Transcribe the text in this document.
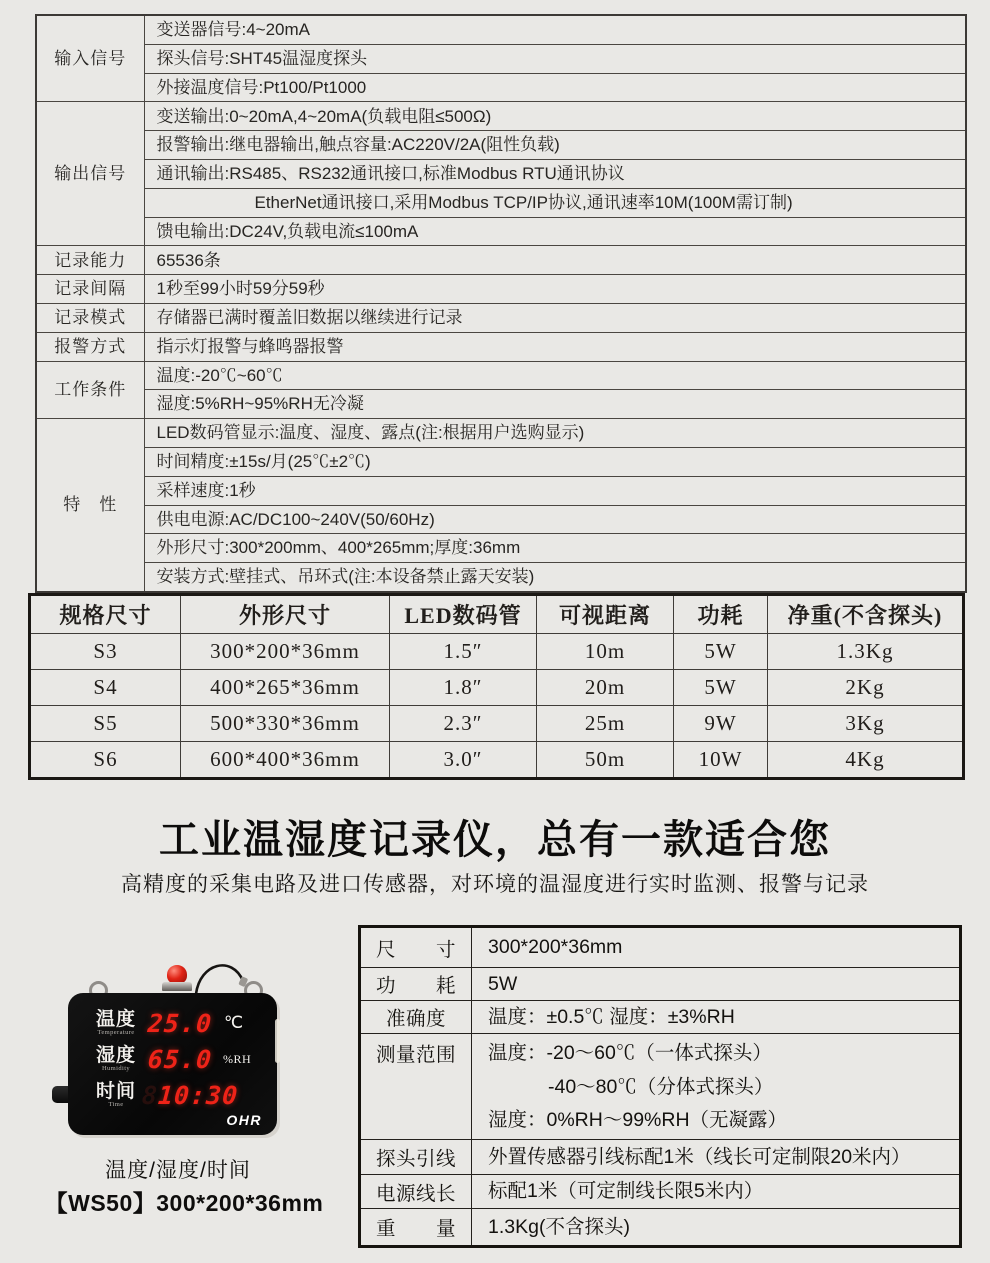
输入信号	变送器信号:4~20mA
	探头信号:SHT45温湿度探头
	外接温度信号:Pt100/Pt1000
输出信号	变送输出:0~20mA,4~20mA(负载电阻≤500Ω)
	报警输出:继电器输出,触点容量:AC220V/2A(阻性负载)
	通讯输出:RS485、RS232通讯接口,标准Modbus RTU通讯协议
	EtherNet通讯接口,采用Modbus TCP/IP协议,通讯速率10M(100M需订制)
	馈电输出:DC24V,负载电流≤100mA
记录能力	65536条
记录间隔	1秒至99小时59分59秒
记录模式	存储器已满时覆盖旧数据以继续进行记录
报警方式	指示灯报警与蜂鸣器报警
工作条件	温度:-20℃~60℃
	湿度:5%RH~95%RH无冷凝
特　性	LED数码管显示:温度、湿度、露点(注:根据用户选购显示)
	时间精度:±15s/月(25℃±2℃)
	采样速度:1秒
	供电电源:AC/DC100~240V(50/60Hz)
	外形尺寸:300*200mm、400*265mm;厚度:36mm
	安装方式:壁挂式、吊环式(注:本设备禁止露天安装)
规格尺寸	外形尺寸	LED数码管	可视距离	功耗	净重(不含探头)
S3	300*200*36mm	1.5″	10m	5W	1.3Kg
S4	400*265*36mm	1.8″	20m	5W	2Kg
S5	500*330*36mm	2.3″	25m	9W	3Kg
S6	600*400*36mm	3.0″	50m	10W	4Kg
工业温湿度记录仪，总有一款适合您
高精度的采集电路及进口传感器，对环境的温湿度进行实时监测、报警与记录
温度
Temperature 25.0 ℃
湿度
Humidity 65.0 %RH
时间
Time 810:30
OHR
温度/湿度/时间
【WS50】300*200*36mm
尺　　寸	300*200*36mm
功　　耗	5W
准确度	温度：±0.5℃ 湿度：±3%RH
测量范围	温度：-20～60℃（一体式探头）
-40～80℃（分体式探头）
湿度：0%RH～99%RH（无凝露）

探头引线	外置传感器引线标配1米（线长可定制限20米内）
电源线长	标配1米（可定制线长限5米内）
重　　量	1.3Kg(不含探头)
